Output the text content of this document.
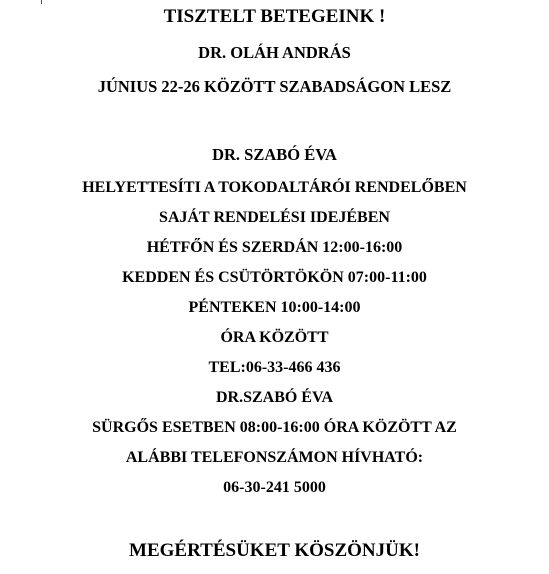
TISZTELT BETEGEINK !
DR. OLÁH ANDRÁS
JÚNIUS 22-26 KÖZÖTT SZABADSÁGON LESZ
DR. SZABÓ ÉVA
HELYETTESÍTI A TOKODALTÁRÓI RENDELŐBEN
SAJÁT RENDELÉSI IDEJÉBEN
HÉTFŐN ÉS SZERDÁN 12:00-16:00
KEDDEN ÉS CSÜTÖRTÖKÖN 07:00-11:00
PÉNTEKEN 10:00-14:00
ÓRA KÖZÖTT
TEL:06-33-466 436
DR.SZABÓ ÉVA
SÜRGŐS ESETBEN 08:00-16:00 ÓRA KÖZÖTT AZ
ALÁBBI TELEFONSZÁMON HÍVHATÓ:
06-30-241 5000
MEGÉRTÉSÜKET KÖSZÖNJÜK!
